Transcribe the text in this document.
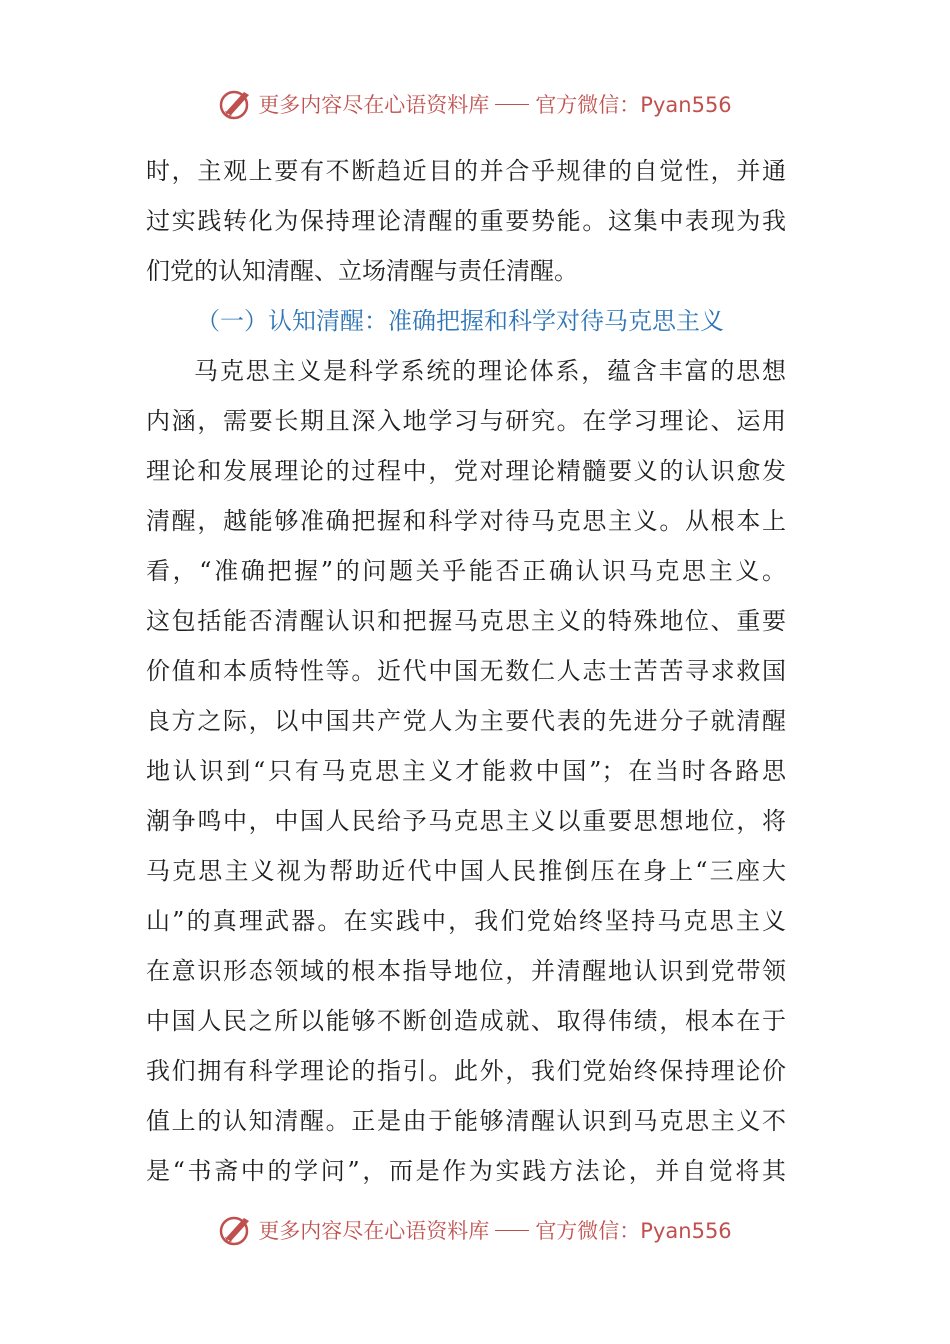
更多内容尽在心语资料库 官方微信：Pyan556
时，主观上要有不断趋近目的并合乎规律的自觉性，并通
过实践转化为保持理论清醒的重要势能。这集中表现为我
们党的认知清醒、立场清醒与责任清醒。
（一）认知清醒：准确把握和科学对待马克思主义
马克思主义是科学系统的理论体系，蕴含丰富的思想
内涵，需要长期且深入地学习与研究。在学习理论、运用
理论和发展理论的过程中，党对理论精髓要义的认识愈发
清醒，越能够准确把握和科学对待马克思主义。从根本上
看，“准确把握”的问题关乎能否正确认识马克思主义。
这包括能否清醒认识和把握马克思主义的特殊地位、重要
价值和本质特性等。近代中国无数仁人志士苦苦寻求救国
良方之际，以中国共产党人为主要代表的先进分子就清醒
地认识到“只有马克思主义才能救中国”；在当时各路思
潮争鸣中，中国人民给予马克思主义以重要思想地位，将
马克思主义视为帮助近代中国人民推倒压在身上“三座大
山”的真理武器。在实践中，我们党始终坚持马克思主义
在意识形态领域的根本指导地位，并清醒地认识到党带领
中国人民之所以能够不断创造成就、取得伟绩，根本在于
我们拥有科学理论的指引。此外，我们党始终保持理论价
值上的认知清醒。正是由于能够清醒认识到马克思主义不
是“书斋中的学问”，而是作为实践方法论，并自觉将其
更多内容尽在心语资料库 官方微信：Pyan556
